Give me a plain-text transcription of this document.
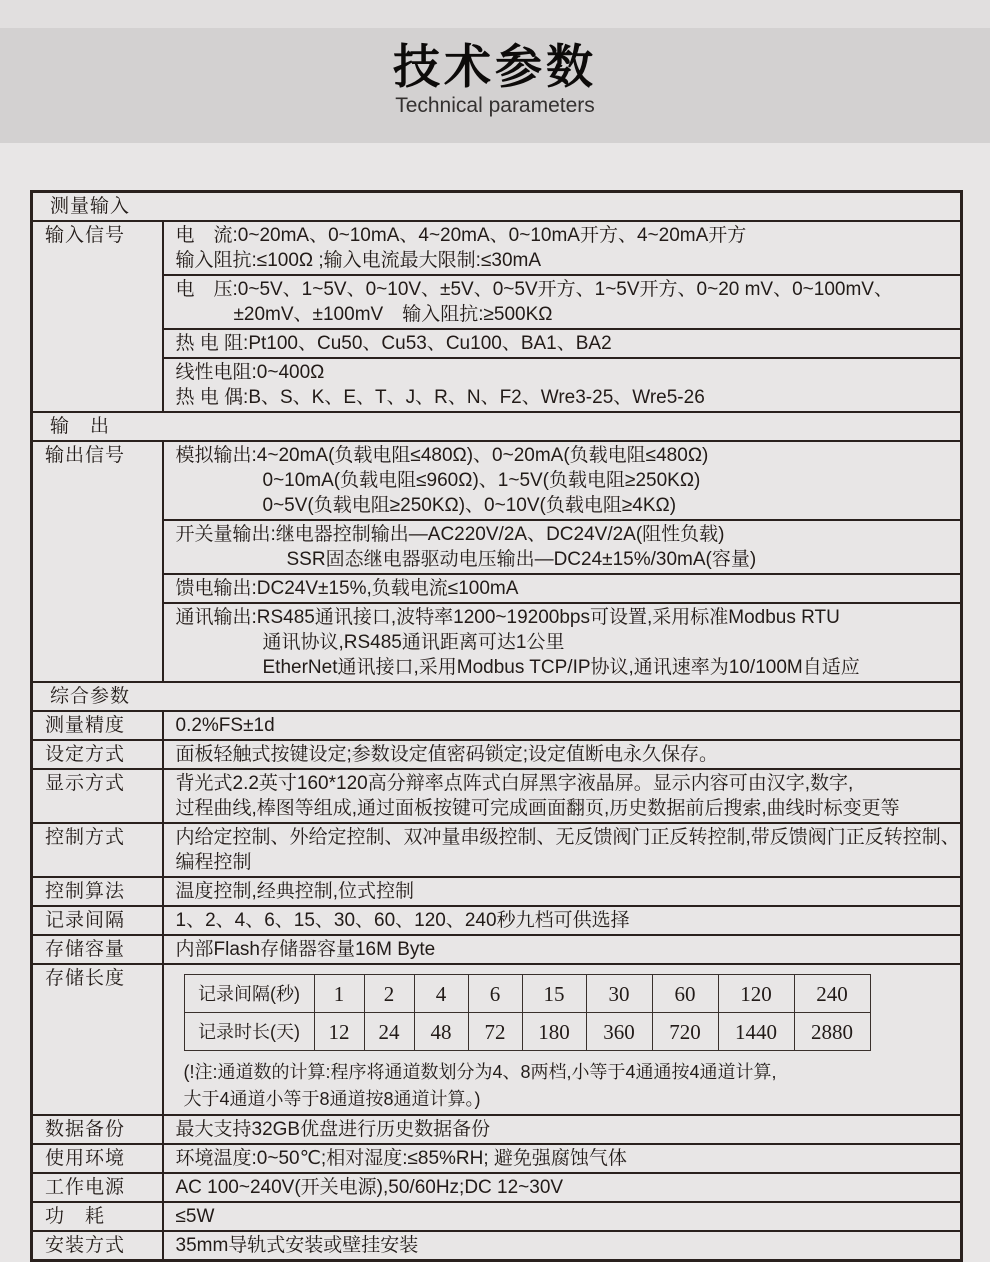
技术参数
Technical parameters
测量输入
输入信号	电　流:0~20mA、0~10mA、4~20mA、0~10mA开方、4~20mA开方
输入阻抗:≤100Ω ;输入电流最大限制:≤30mA

电　压:0~5V、1~5V、0~10V、±5V、0~5V开方、1~5V开方、0~20 mV、0~100mV、
±20mV、±100mV　输入阻抗:≥500KΩ

热 电 阻:Pt100、Cu50、Cu53、Cu100、BA1、BA2

线性电阻:0~400Ω
热 电 偶:B、S、K、E、T、J、R、N、F2、Wre3-25、Wre5-26

输　出
输出信号	模拟输出:4~20mA(负载电阻≤480Ω)、0~20mA(负载电阻≤480Ω)
0~10mA(负载电阻≤960Ω)、1~5V(负载电阻≥250KΩ)
0~5V(负载电阻≥250KΩ)、0~10V(负载电阻≥4KΩ)

开关量输出:继电器控制输出—AC220V/2A、DC24V/2A(阻性负载)
SSR固态继电器驱动电压输出—DC24±15%/30mA(容量)

馈电输出:DC24V±15%,负载电流≤100mA

通讯输出:RS485通讯接口,波特率1200~19200bps可设置,采用标准Modbus RTU
通讯协议,RS485通讯距离可达1公里
EtherNet通讯接口,采用Modbus TCP/IP协议,通讯速率为10/100M自适应

综合参数
测量精度	0.2%FS±1d
设定方式	面板轻触式按键设定;参数设定值密码锁定;设定值断电永久保存。
显示方式	背光式2.2英寸160*120高分辩率点阵式白屏黑字液晶屏。显示内容可由汉字,数字,
过程曲线,棒图等组成,通过面板按键可完成画面翻页,历史数据前后搜索,曲线时标变更等

控制方式	内给定控制、外给定控制、双冲量串级控制、无反馈阀门正反转控制,带反馈阀门正反转控制、
编程控制

控制算法	温度控制,经典控制,位式控制
记录间隔	1、2、4、6、15、30、60、120、240秒九档可供选择
存储容量	内部Flash存储器容量16M Byte
存储长度	
记录间隔(秒)	1	2	4	6	15	30	60	120	240
记录时长(天)	12	24	48	72	180	360	720	1440	2880
(!注:通道数的计算:程序将通道数划分为4、8两档,小等于4通通按4通道计算,
大于4通道小等于8通道按8通道计算。)

数据备份	最大支持32GB优盘进行历史数据备份
使用环境	环境温度:0~50℃;相对湿度:≤85%RH; 避免强腐蚀气体
工作电源	AC 100~240V(开关电源),50/60Hz;DC 12~30V
功　耗	≤5W
安装方式	35mm导轨式安装或壁挂安装
